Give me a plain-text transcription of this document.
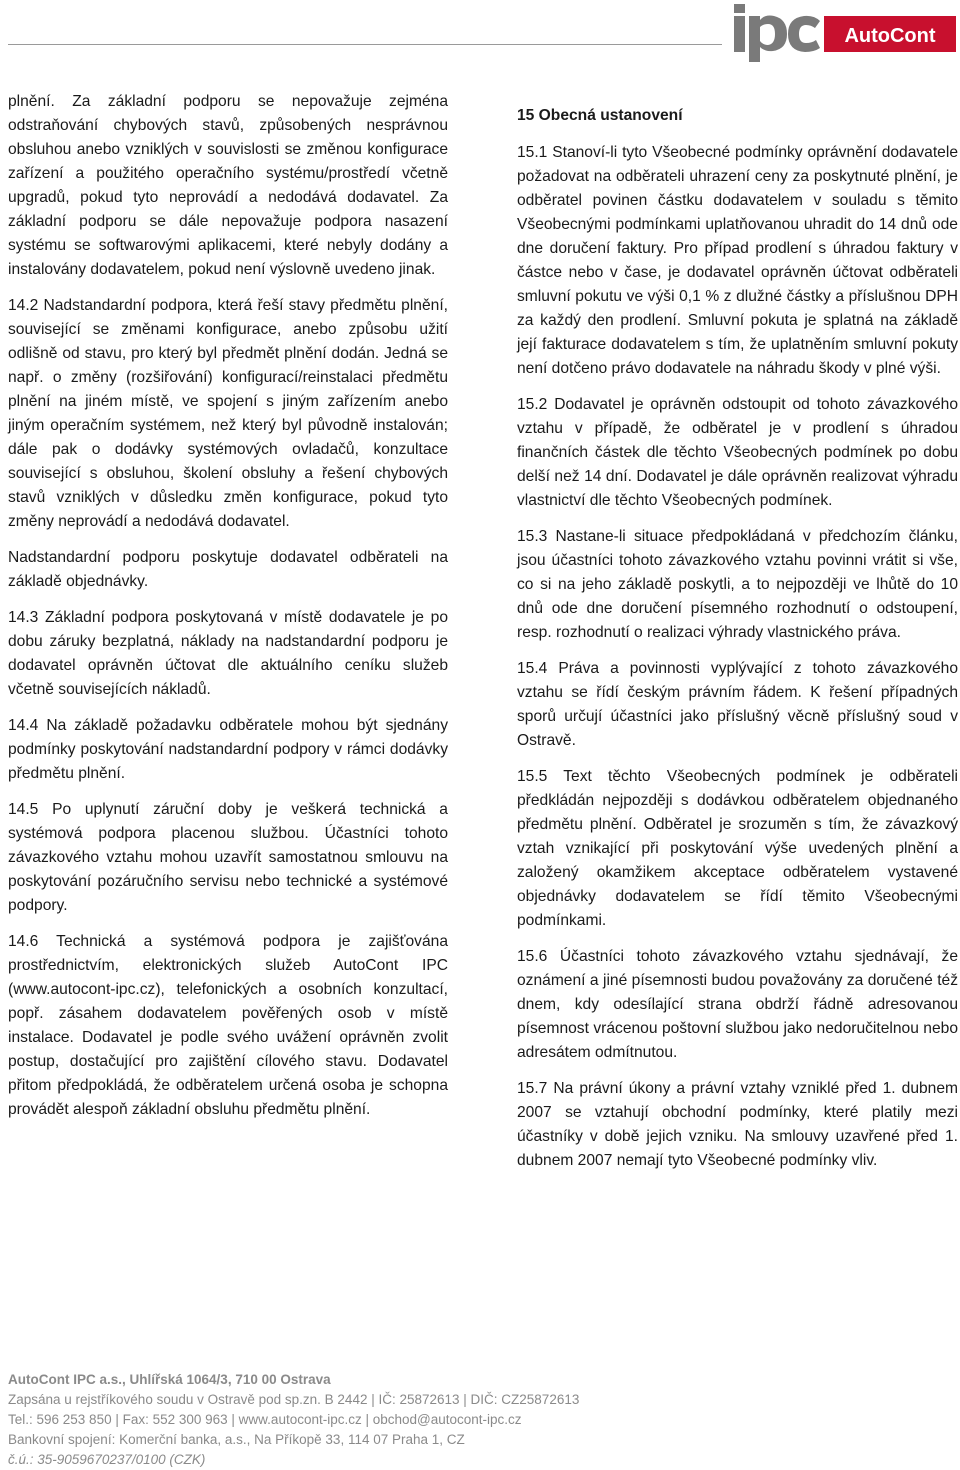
AutoCont

plnění. Za základní podporu se nepovažuje zejména odstraňování chybových stavů, způsobených nesprávnou obsluhou anebo vzniklých v souvislosti se změnou konfigurace zařízení a použitého operačního systému/prostředí včetně upgradů, pokud tyto neprovádí a nedodává dodavatel. Za základní podporu se dále nepovažuje podpora nasazení systému se softwarovými aplikacemi, které nebyly dodány a instalovány dodavatelem, pokud není výslovně uvedeno jinak.

14.2 Nadstandardní podpora, která řeší stavy předmětu plnění, související se změnami konfigurace, anebo způsobu užití odlišně od stavu, pro který byl předmět plnění dodán. Jedná se např. o změny (rozšiřování) konfigurací/reinstalaci předmětu plnění na jiném místě, ve spojení s jiným zařízením anebo jiným operačním systémem, než který byl původně instalován; dále pak o dodávky systémových ovladačů, konzultace související s obsluhou, školení obsluhy a řešení chybových stavů vzniklých v důsledku změn konfigurace, pokud tyto změny neprovádí a nedodává dodavatel.

Nadstandardní podporu poskytuje dodavatel odběrateli na základě objednávky.

14.3 Základní podpora poskytovaná v místě dodavatele je po dobu záruky bezplatná, náklady na nadstandardní podporu je dodavatel oprávněn účtovat dle aktuálního ceníku služeb včetně souvisejících nákladů.

14.4 Na základě požadavku odběratele mohou být sjednány podmínky poskytování nadstandardní podpory v rámci dodávky předmětu plnění.

14.5 Po uplynutí záruční doby je veškerá technická a systémová podpora placenou službou. Účastníci tohoto závazkového vztahu mohou uzavřít samostatnou smlouvu na poskytování pozáručního servisu nebo technické a systémové podpory.

14.6 Technická a systémová podpora je zajišťována prostřednictvím, elektronických služeb AutoCont IPC (www.autocont-ipc.cz), telefonických a osobních konzultací, popř. zásahem dodavatelem pověřených osob v místě instalace. Dodavatel je podle svého uvážení oprávněn zvolit postup, dostačující pro zajištění cílového stavu. Dodavatel přitom předpokládá, že odběratelem určená osoba je schopna provádět alespoň základní obsluhu předmětu plnění.

15 Obecná ustanovení

15.1 Stanoví-li tyto Všeobecné podmínky oprávnění dodavatele požadovat na odběrateli uhrazení ceny za poskytnuté plnění, je odběratel povinen částku dodavatelem v souladu s těmito Všeobecnými podmínkami uplatňovanou uhradit do 14 dnů ode dne doručení faktury. Pro případ prodlení s úhradou faktury v částce nebo v čase, je dodavatel oprávněn účtovat odběrateli smluvní pokutu ve výši 0,1 % z dlužné částky a příslušnou DPH za každý den prodlení. Smluvní pokuta je splatná na základě její fakturace dodavatelem s tím, že uplatněním smluvní pokuty není dotčeno právo dodavatele na náhradu škody v plné výši.

15.2 Dodavatel je oprávněn odstoupit od tohoto závazkového vztahu v případě, že odběratel je v prodlení s úhradou finančních částek dle těchto Všeobecných podmínek po dobu delší než 14 dní. Dodavatel je dále oprávněn realizovat výhradu vlastnictví dle těchto Všeobecných podmínek.

15.3 Nastane-li situace předpokládaná v předchozím článku, jsou účastníci tohoto závazkového vztahu povinni vrátit si vše, co si na jeho základě poskytli, a to nejpozději ve lhůtě do 10 dnů ode dne doručení písemného rozhodnutí o odstoupení, resp. rozhodnutí o realizaci výhrady vlastnického práva.

15.4 Práva a povinnosti vyplývající z tohoto závazkového vztahu se řídí českým právním řádem. K řešení případných sporů určují účastníci jako příslušný věcně příslušný soud v Ostravě.

15.5 Text těchto Všeobecných podmínek je odběrateli předkládán nejpozději s dodávkou odběratelem objednaného předmětu plnění. Odběratel je srozuměn s tím, že závazkový vztah vznikající při poskytování výše uvedených plnění a založený okamžikem akceptace odběratelem vystavené objednávky dodavatelem se řídí těmito Všeobecnými podmínkami.

15.6 Účastníci tohoto závazkového vztahu sjednávají, že oznámení a jiné písemnosti budou považovány za doručené též dnem, kdy odesílající strana obdrží řádně adresovanou písemnost vrácenou poštovní službou jako nedoručitelnou nebo adresátem odmítnutou.

15.7 Na právní úkony a právní vztahy vzniklé před 1. dubnem 2007 se vztahují obchodní podmínky, které platily mezi účastníky v době jejich vzniku. Na smlouvy uzavřené před 1. dubnem 2007 nemají tyto Všeobecné podmínky vliv.

AutoCont IPC a.s., Uhlířská 1064/3, 710 00 Ostrava
Zapsána u rejstříkového soudu v Ostravě pod sp.zn. B 2442 | IČ: 25872613 | DIČ: CZ25872613
Tel.: 596 253 850 | Fax: 552 300 963 | www.autocont-ipc.cz | obchod@autocont-ipc.cz
Bankovní spojení: Komerční banka, a.s., Na Příkopě 33, 114 07 Praha 1, CZ
č.ú.: 35-9059670237/0100 (CZK)
